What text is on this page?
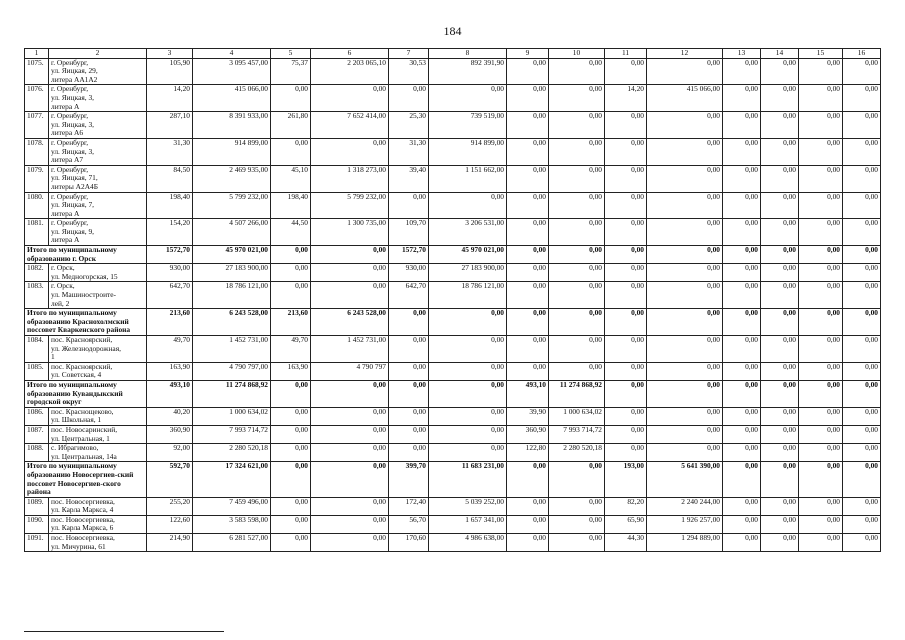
184
1	2	3	4	5	6	7	8	9	10	11	12	13	14	15	16
1075.	г. Оренбург,
ул. Яицкая, 29,
литера АА1А2	105,90	3 095 457,00	75,37	2 203 065,10	30,53	892 391,90	0,00	0,00	0,00	0,00	0,00	0,00	0,00	0,00
1076.	г. Оренбург,
ул. Яицкая, 3,
литера А	14,20	415 066,00	0,00	0,00	0,00	0,00	0,00	0,00	14,20	415 066,00	0,00	0,00	0,00	0,00
1077.	г. Оренбург,
ул. Яицкая, 3,
литера А6	287,10	8 391 933,00	261,80	7 652 414,00	25,30	739 519,00	0,00	0,00	0,00	0,00	0,00	0,00	0,00	0,00
1078.	г. Оренбург,
ул. Яицкая, 3,
литера А7	31,30	914 899,00	0,00	0,00	31,30	914 899,00	0,00	0,00	0,00	0,00	0,00	0,00	0,00	0,00
1079.	г. Оренбург,
ул. Яицкая, 71,
литеры А2А4Б	84,50	2 469 935,00	45,10	1 318 273,00	39,40	1 151 662,00	0,00	0,00	0,00	0,00	0,00	0,00	0,00	0,00
1080.	г. Оренбург,
ул. Яицкая, 7,
литера А	198,40	5 799 232,00	198,40	5 799 232,00	0,00	0,00	0,00	0,00	0,00	0,00	0,00	0,00	0,00	0,00
1081.	г. Оренбург,
ул. Яицкая, 9,
литера А	154,20	4 507 266,00	44,50	1 300 735,00	109,70	3 206 531,00	0,00	0,00	0,00	0,00	0,00	0,00	0,00	0,00
Итого по муниципальному образованию г. Орск		1572,70	45 970 021,00	0,00	0,00	1572,70	45 970 021,00	0,00	0,00	0,00	0,00	0,00	0,00	0,00	0,00
1082.	г. Орск,
ул. Медногорская, 15	930,00	27 183 900,00	0,00	0,00	930,00	27 183 900,00	0,00	0,00	0,00	0,00	0,00	0,00	0,00	0,00
1083.	г. Орск,
ул. Машиностроите-
лей, 2	642,70	18 786 121,00	0,00	0,00	642,70	18 786 121,00	0,00	0,00	0,00	0,00	0,00	0,00	0,00	0,00
Итого по муниципальному образованию Краснохолмский поссовет Кваркенского района		213,60	6 243 528,00	213,60	6 243 528,00	0,00	0,00	0,00	0,00	0,00	0,00	0,00	0,00	0,00	0,00
1084.	пос. Красноярский,
ул. Железнодорожная,
1	49,70	1 452 731,00	49,70	1 452 731,00	0,00	0,00	0,00	0,00	0,00	0,00	0,00	0,00	0,00	0,00
1085.	пос. Красноярский,
ул. Советская, 4	163,90	4 790 797,00	163,90	4 790 797	0,00	0,00	0,00	0,00	0,00	0,00	0,00	0,00	0,00	0,00
Итого по муниципальному образованию Кувандыкский городской округ		493,10	11 274 868,92	0,00	0,00	0,00	0,00	493,10	11 274 868,92	0,00	0,00	0,00	0,00	0,00	0,00
1086.	пос. Краснощеково,
ул. Школьная, 1	40,20	1 000 634,02	0,00	0,00	0,00	0,00	39,90	1 000 634,02	0,00	0,00	0,00	0,00	0,00	0,00
1087.	пос. Новосаринский,
ул. Центральная, 1	360,90	7 993 714,72	0,00	0,00	0,00	0,00	360,90	7 993 714,72	0,00	0,00	0,00	0,00	0,00	0,00
1088.	с. Ибрагимово,
ул. Центральная, 14а	92,00	2 280 520,18	0,00	0,00	0,00	0,00	122,80	2 280 520,18	0,00	0,00	0,00	0,00	0,00	0,00
Итого по муниципальному образованию Новосергиев-ский поссовет Новосергиев-ского района		592,70	17 324 621,00	0,00	0,00	399,70	11 683 231,00	0,00	0,00	193,00	5 641 390,00	0,00	0,00	0,00	0,00
1089.	пос. Новосергиевка,
ул. Карла Маркса, 4	255,20	7 459 496,00	0,00	0,00	172,40	5 039 252,00	0,00	0,00	82,20	2 240 244,00	0,00	0,00	0,00	0,00
1090.	пос. Новосергиевка,
ул. Карла Маркса, 6	122,60	3 583 598,00	0,00	0,00	56,70	1 657 341,00	0,00	0,00	65,90	1 926 257,00	0,00	0,00	0,00	0,00
1091.	пос. Новосергиевка,
ул. Мичурина, 61	214,90	6 281 527,00	0,00	0,00	170,60	4 986 638,00	0,00	0,00	44,30	1 294 889,00	0,00	0,00	0,00	0,00
